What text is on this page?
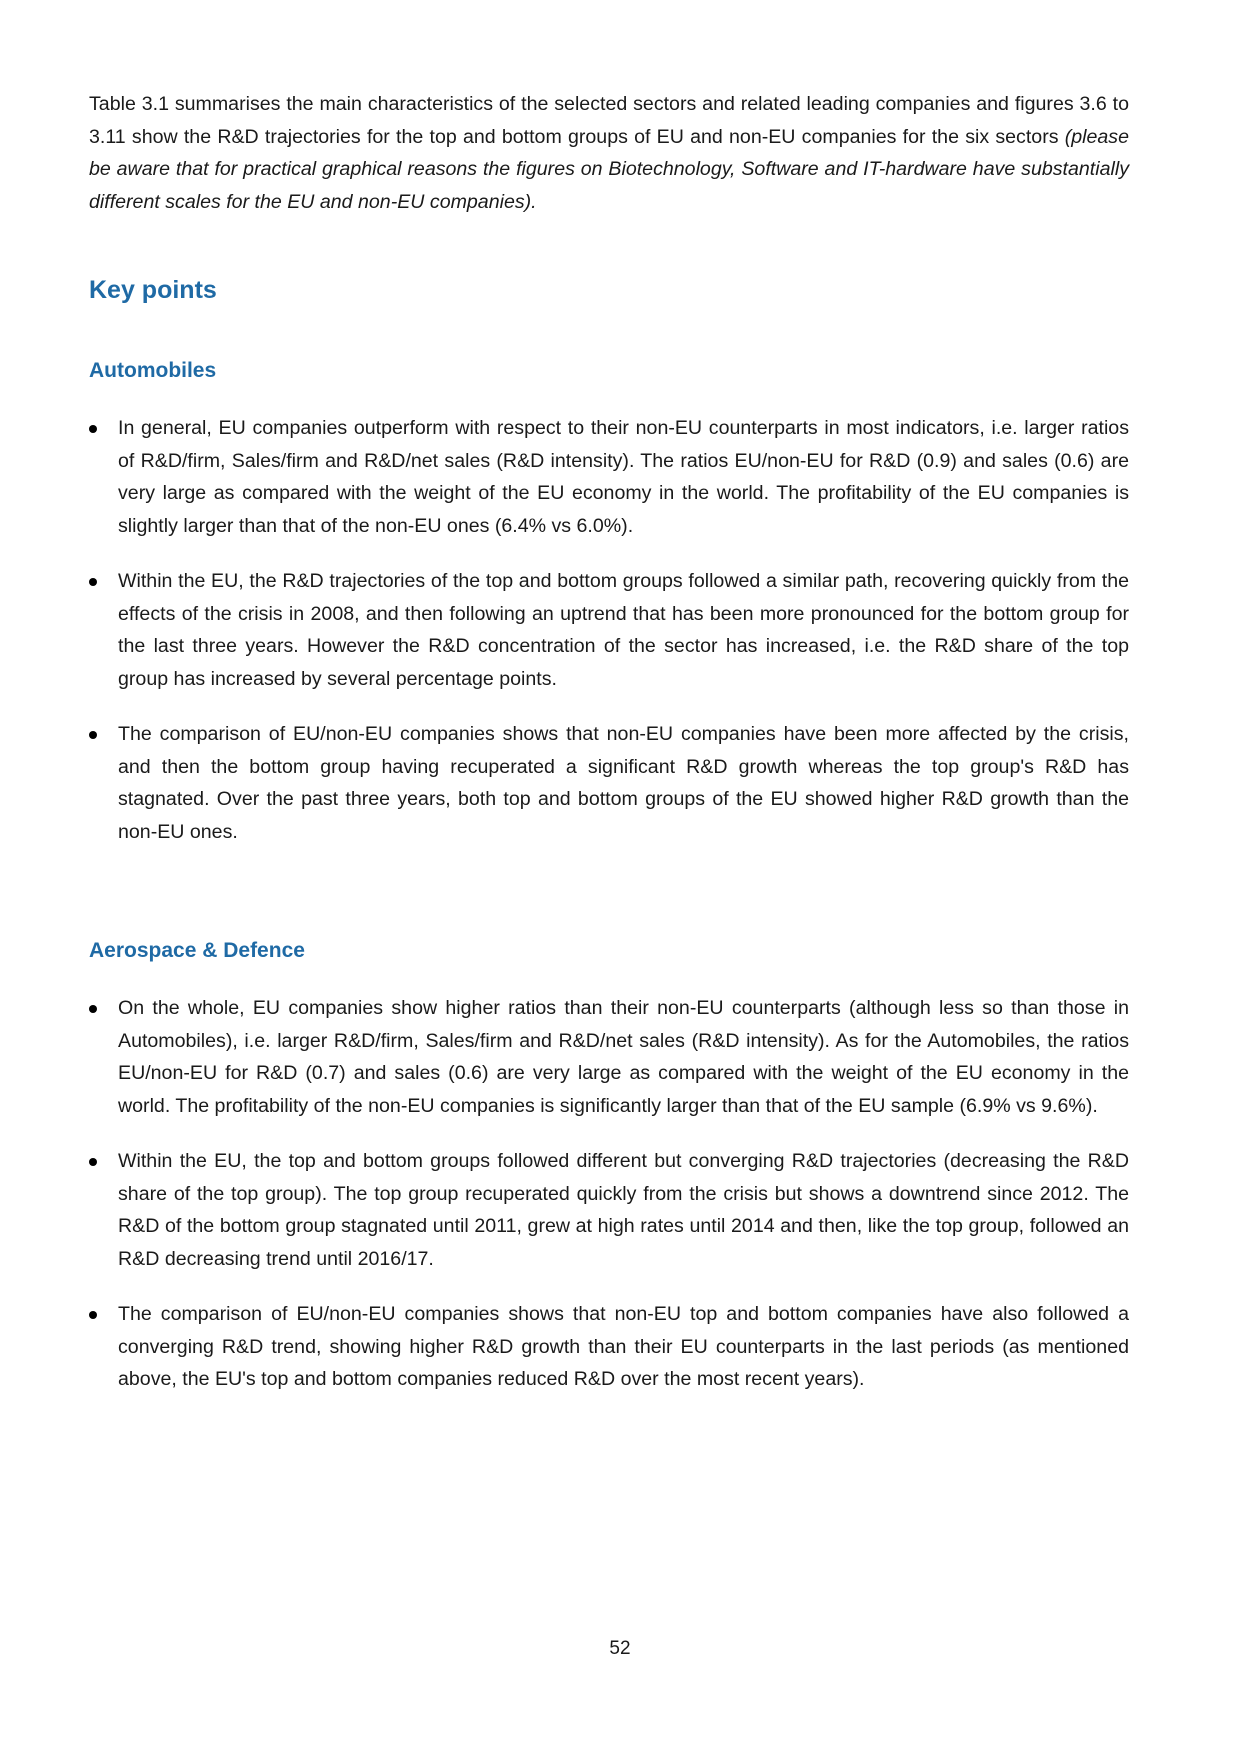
Table 3.1 summarises the main characteristics of the selected sectors and related leading companies and figures 3.6 to 3.11 show the R&D trajectories for the top and bottom groups of EU and non-EU companies for the six sectors (please be aware that for practical graphical reasons the figures on Biotechnology, Software and IT-hardware have substantially different scales for the EU and non-EU companies).

Key points
Automobiles
In general, EU companies outperform with respect to their non-EU counterparts in most indicators, i.e. larger ratios of R&D/firm, Sales/firm and R&D/net sales (R&D intensity). The ratios EU/non-EU for R&D (0.9) and sales (0.6) are very large as compared with the weight of the EU economy in the world. The profitability of the EU companies is slightly larger than that of the non-EU ones (6.4% vs 6.0%).
Within the EU, the R&D trajectories of the top and bottom groups followed a similar path, recovering quickly from the effects of the crisis in 2008, and then following an uptrend that has been more pronounced for the bottom group for the last three years. However the R&D concentration of the sector has increased, i.e. the R&D share of the top group has increased by several percentage points.
The comparison of EU/non-EU companies shows that non-EU companies have been more affected by the crisis, and then the bottom group having recuperated a significant R&D growth whereas the top group's R&D has stagnated. Over the past three years, both top and bottom groups of the EU showed higher R&D growth than the non-EU ones.
Aerospace & Defence
On the whole, EU companies show higher ratios than their non-EU counterparts (although less so than those in Automobiles), i.e. larger R&D/firm, Sales/firm and R&D/net sales (R&D intensity). As for the Automobiles, the ratios EU/non-EU for R&D (0.7) and sales (0.6) are very large as compared with the weight of the EU economy in the world. The profitability of the non-EU companies is significantly larger than that of the EU sample (6.9% vs 9.6%).
Within the EU, the top and bottom groups followed different but converging R&D trajectories (decreasing the R&D share of the top group). The top group recuperated quickly from the crisis but shows a downtrend since 2012. The R&D of the bottom group stagnated until 2011, grew at high rates until 2014 and then, like the top group, followed an R&D decreasing trend until 2016/17.
The comparison of EU/non-EU companies shows that non-EU top and bottom companies have also followed a converging R&D trend, showing higher R&D growth than their EU counterparts in the last periods (as mentioned above, the EU's top and bottom companies reduced R&D over the most recent years).
52
